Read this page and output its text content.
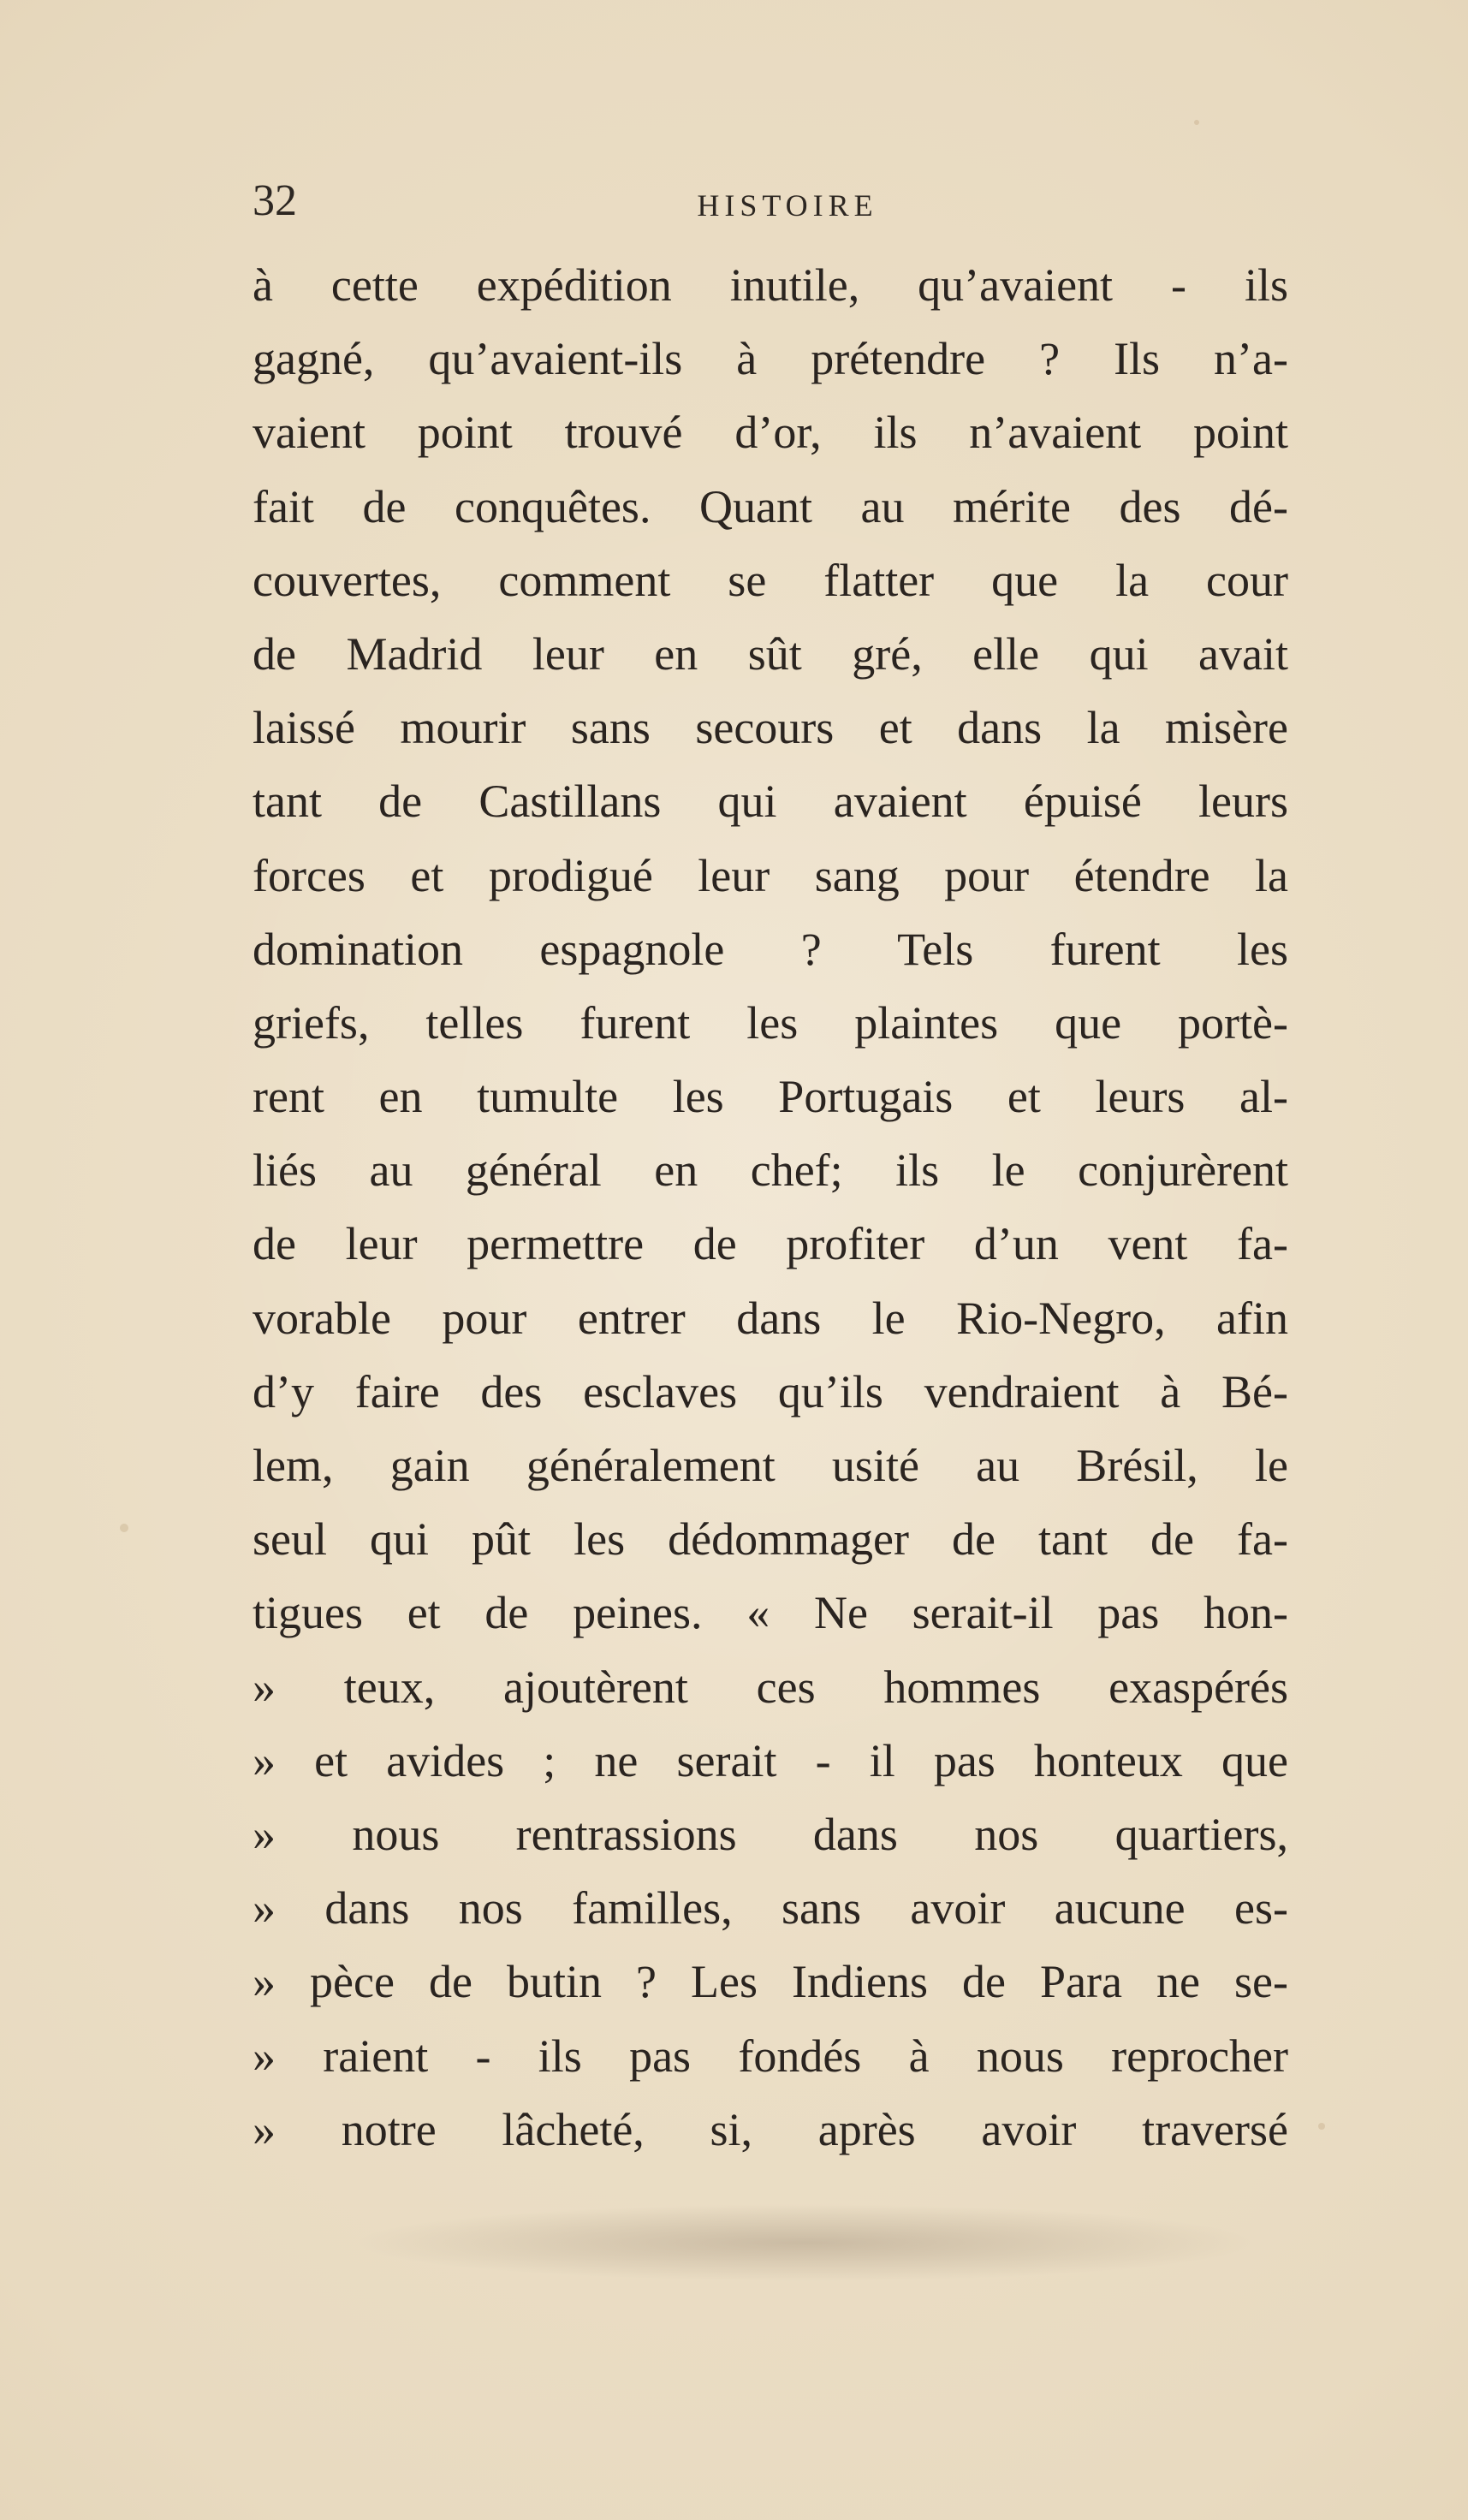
32	HISTOIRE
à cette expédition inutile, qu’avaient - ils
gagné, qu’avaient-ils à prétendre ? Ils n’a-
vaient point trouvé d’or, ils n’avaient point
fait de conquêtes. Quant au mérite des dé-
couvertes, comment se flatter que la cour
de Madrid leur en sût gré, elle qui avait
laissé mourir sans secours et dans la misère
tant de Castillans qui avaient épuisé leurs
forces et prodigué leur sang pour étendre la
domination espagnole ? Tels furent les
griefs, telles furent les plaintes que portè-
rent en tumulte les Portugais et leurs al-
liés au général en chef; ils le conjurèrent
de leur permettre de profiter d’un vent fa-
vorable pour entrer dans le Rio-Negro, afin
d’y faire des esclaves qu’ils vendraient à Bé-
lem, gain généralement usité au Brésil, le
seul qui pût les dédommager de tant de fa-
tigues et de peines. « Ne serait-il pas hon-
» teux, ajoutèrent ces hommes exaspérés
» et avides ; ne serait - il pas honteux que
» nous rentrassions dans nos quartiers,
» dans nos familles, sans avoir aucune es-
» pèce de butin ? Les Indiens de Para ne se-
» raient - ils pas fondés à nous reprocher
» notre lâcheté, si, après avoir traversé
